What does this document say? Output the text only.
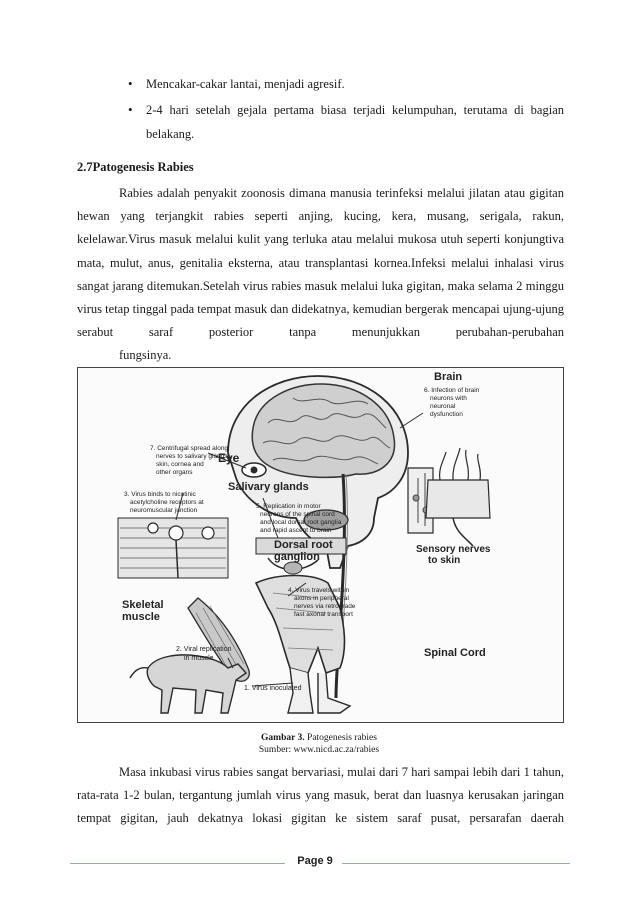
• Mencakar-cakar lantai, menjadi agresif.
• 2-4 hari setelah gejala pertama biasa terjadi kelumpuhan, terutama di bagian belakang.
2.7Patogenesis Rabies
Rabies adalah penyakit zoonosis dimana manusia terinfeksi melalui jilatan atau gigitan hewan yang terjangkit rabies seperti anjing, kucing, kera, musang, serigala, rakun, kelelawar.Virus masuk melalui kulit yang terluka atau melalui mukosa utuh seperti konjungtiva mata, mulut, anus, genitalia eksterna, atau transplantasi kornea.Infeksi melalui inhalasi virus sangat jarang ditemukan.Setelah virus rabies masuk melalui luka gigitan, maka selama 2 minggu virus tetap tinggal pada tempat masuk dan didekatnya, kemudian bergerak mencapai ujung-ujung serabut saraf posterior tanpa menunjukkan perubahan-perubahan
fungsinya.
Brain
Eye
Salivary glands
Dorsal root
ganglion
Sensory nerves
to skin
Skeletal
muscle
Spinal Cord
1. Virus inoculated
2. Viral replication
in muscle
3. Virus binds to nicotinic
acetylcholine receptors at
neuromuscular junction
4. Virus travels within
axons in peripheral
nerves via retrograde
fast axonal transport
5. Replication in motor
neurons of the spinal cord
and local dorsal root ganglia
and rapid ascent to brain
6. Infection of brain
neurons with
neuronal
dysfunction
7. Centrifugal spread along
nerves to salivary glands,
skin, cornea and
other organs
Gambar 3. Patogenesis rabies
Sumber: www.nicd.ac.za/rabies
Masa inkubasi virus rabies sangat bervariasi, mulai dari 7 hari sampai lebih dari 1 tahun, rata-rata 1-2 bulan, tergantung jumlah virus yang masuk, berat dan luasnya kerusakan jaringan tempat gigitan, jauh dekatnya lokasi gigitan ke sistem saraf pusat, persarafan daerah
Page 9
